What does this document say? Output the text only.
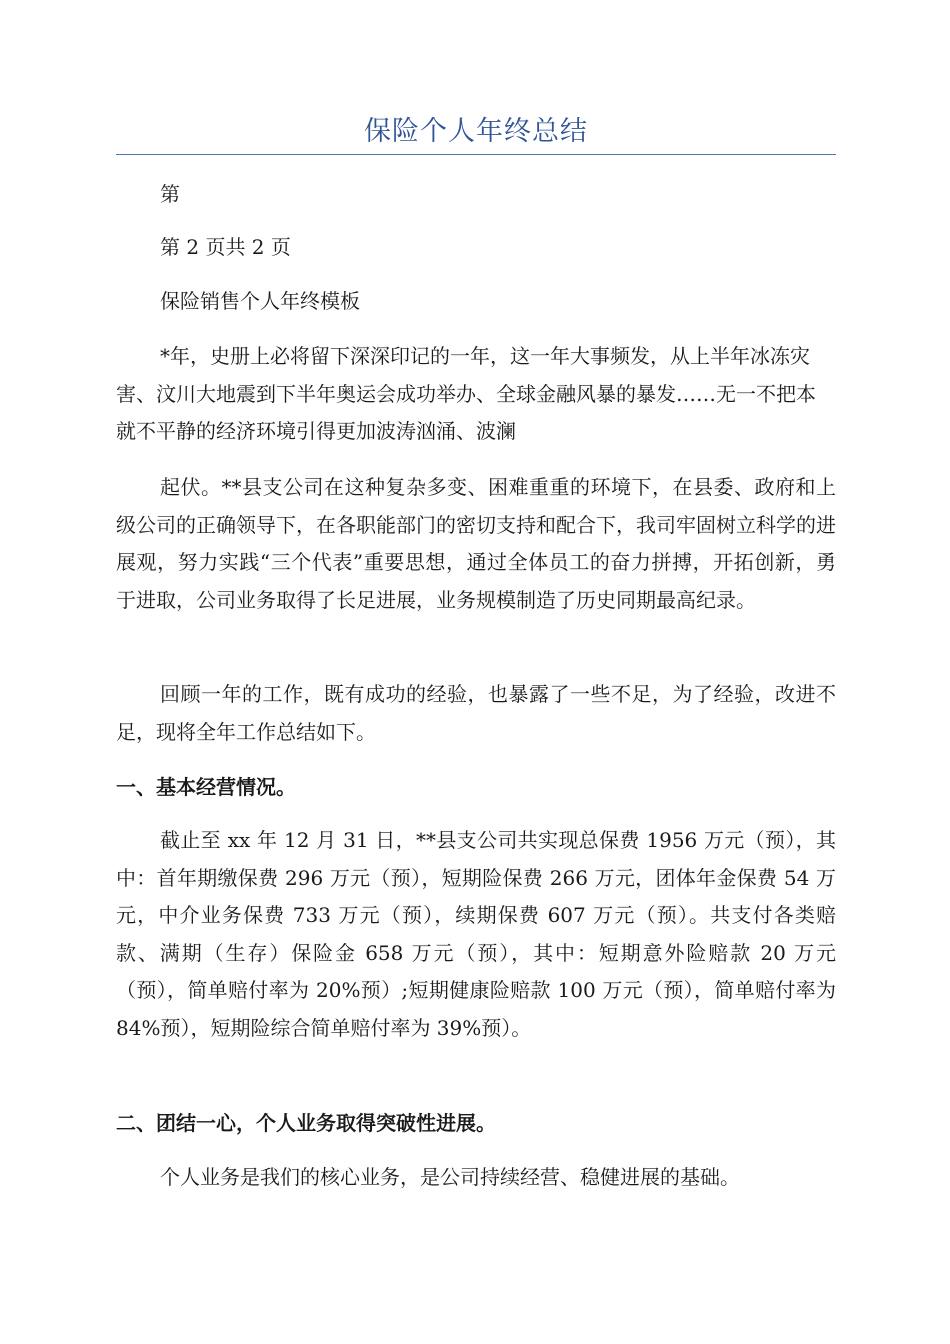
保险个人年终总结

第

第 2 页共 2 页

保险销售个人年终模板

*年，史册上必将留下深深印记的一年，这一年大事频发，从上半年冰冻灾害、汶川大地震到下半年奥运会成功举办、全球金融风暴的暴发……无一不把本就不平静的经济环境引得更加波涛汹涌、波澜

起伏。**县支公司在这种复杂多变、困难重重的环境下，在县委、政府和上级公司的正确领导下，在各职能部门的密切支持和配合下，我司牢固树立科学的进展观，努力实践“三个代表”重要思想，通过全体员工的奋力拼搏，开拓创新，勇于进取，公司业务取得了长足进展，业务规模制造了历史同期最高纪录。

回顾一年的工作，既有成功的经验，也暴露了一些不足，为了经验，改进不足，现将全年工作总结如下。

一、基本经营情况。

截止至 xx 年 12 月 31 日，**县支公司共实现总保费 1956 万元（预），其中：首年期缴保费 296 万元（预），短期险保费 266 万元，团体年金保费 54 万元，中介业务保费 733 万元（预），续期保费 607 万元（预）。共支付各类赔款、满期（生存）保险金 658 万元（预），其中：短期意外险赔款 20 万元（预），简单赔付率为 20%预）;短期健康险赔款 100 万元（预），简单赔付率为 84%预），短期险综合简单赔付率为 39%预）。

二、团结一心，个人业务取得突破性进展。

个人业务是我们的核心业务，是公司持续经营、稳健进展的基础。
